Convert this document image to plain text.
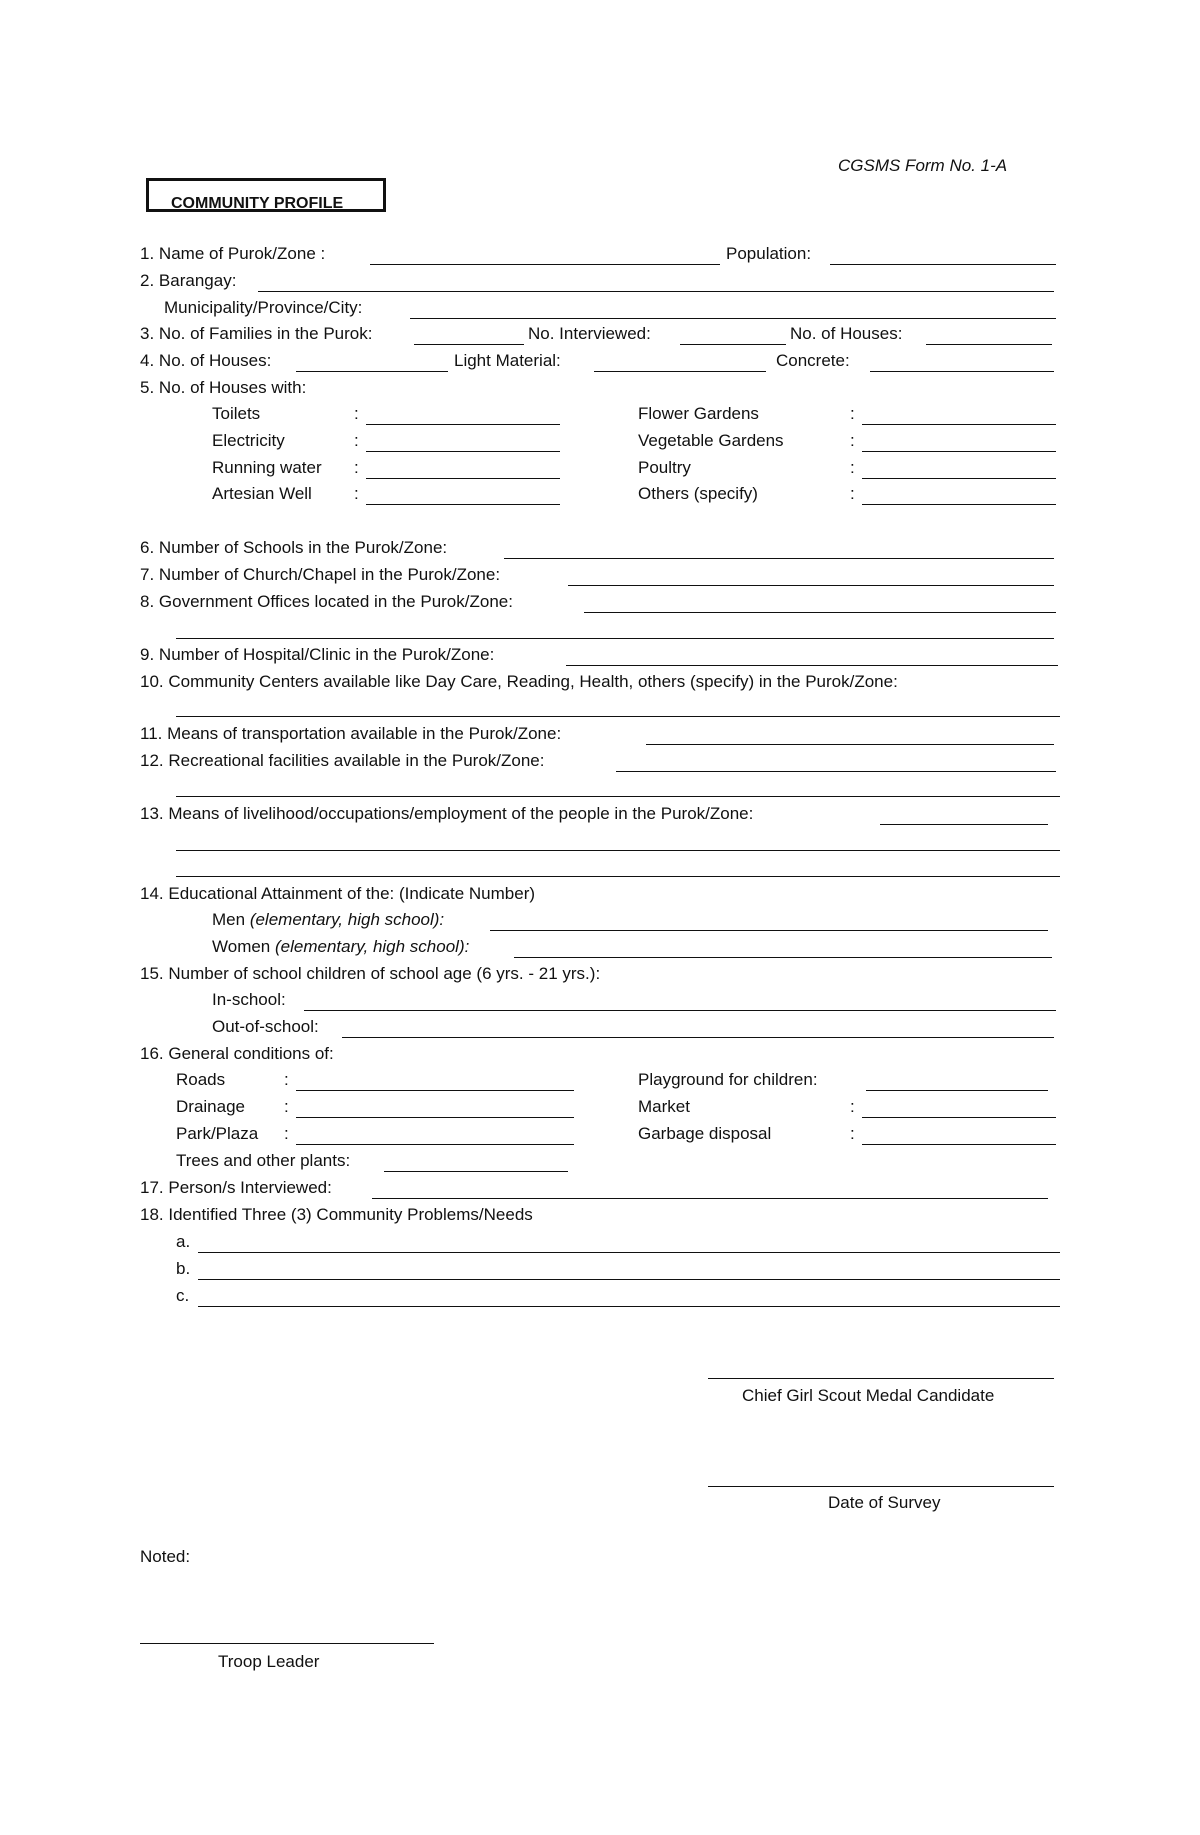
CGSMS Form No. 1-A
COMMUNITY PROFILE
1. Name of Purok/Zone :	Population:
2. Barangay:
Municipality/Province/City:
3. No. of Families in the Purok:	No. Interviewed:	No. of Houses:
4. No. of Houses:	Light Material:	Concrete:
5. No. of Houses with:
Toilets	:	Flower Gardens	:
Electricity	:	Vegetable Gardens	:
Running water :	Poultry	:
Artesian Well :	Others (specify)	:
6. Number of Schools in the Purok/Zone:
7. Number of Church/Chapel in the Purok/Zone:
8. Government Offices located in the Purok/Zone:
9. Number of Hospital/Clinic in the Purok/Zone:
10. Community Centers available like Day Care, Reading, Health, others (specify) in the Purok/Zone:
11. Means of transportation available in the Purok/Zone:
12. Recreational facilities available in the Purok/Zone:
13. Means of livelihood/occupations/employment of the people in the Purok/Zone:
14. Educational Attainment of the: (Indicate Number)
Men (elementary, high school):
Women (elementary, high school):
15. Number of school children of school age (6 yrs. - 21 yrs.):
In-school:
Out-of-school:
16. General conditions of:
Roads	:	Playground for children:
Drainage :	Market	:
Park/Plaza :	Garbage disposal	:
Trees and other plants:
17. Person/s Interviewed:
18. Identified Three (3) Community Problems/Needs
a.
b.
c.
Chief Girl Scout Medal Candidate
Date of Survey
Noted:
Troop Leader
